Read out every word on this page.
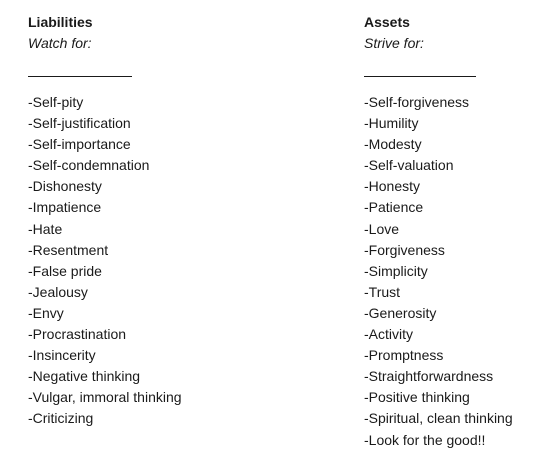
Liabilities
Watch for:
-Self-pity
-Self-justification
-Self-importance
-Self-condemnation
-Dishonesty
-Impatience
-Hate
-Resentment
-False pride
-Jealousy
-Envy
-Procrastination
-Insincerity
-Negative thinking
-Vulgar, immoral thinking
-Criticizing
Assets
Strive for:
-Self-forgiveness
-Humility
-Modesty
-Self-valuation
-Honesty
-Patience
-Love
-Forgiveness
-Simplicity
-Trust
-Generosity
-Activity
-Promptness
-Straightforwardness
-Positive thinking
-Spiritual, clean thinking
-Look for the good!!
